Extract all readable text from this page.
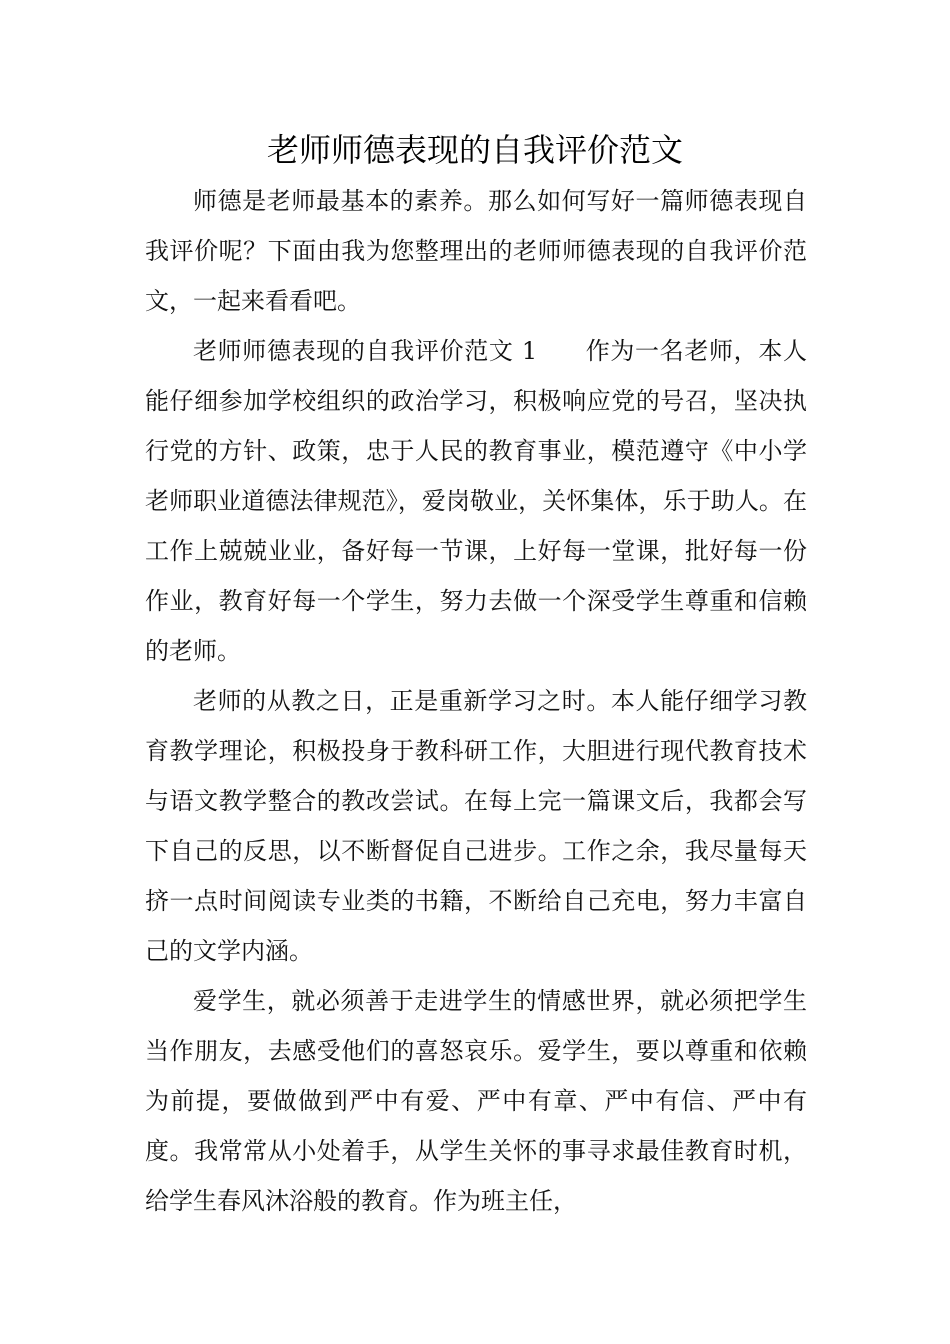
老师师德表现的自我评价范文

师德是老师最基本的素养。那么如何写好一篇师德表现自我评价呢？下面由我为您整理出的老师师德表现的自我评价范文，一起来看看吧。

老师师德表现的自我评价范文 1 作为一名老师，本人能仔细参加学校组织的政治学习，积极响应党的号召，坚决执行党的方针、政策，忠于人民的教育事业，模范遵守《中小学老师职业道德法律规范》，爱岗敬业，关怀集体，乐于助人。在工作上兢兢业业，备好每一节课，上好每一堂课，批好每一份作业，教育好每一个学生，努力去做一个深受学生尊重和信赖的老师。

老师的从教之日，正是重新学习之时。本人能仔细学习教育教学理论，积极投身于教科研工作，大胆进行现代教育技术与语文教学整合的教改尝试。在每上完一篇课文后，我都会写下自己的反思，以不断督促自己进步。工作之余，我尽量每天挤一点时间阅读专业类的书籍，不断给自己充电，努力丰富自己的文学内涵。

爱学生，就必须善于走进学生的情感世界，就必须把学生当作朋友，去感受他们的喜怒哀乐。爱学生，要以尊重和依赖为前提，要做做到严中有爱、严中有章、严中有信、严中有度。我常常从小处着手，从学生关怀的事寻求最佳教育时机，给学生春风沐浴般的教育。作为班主任，
